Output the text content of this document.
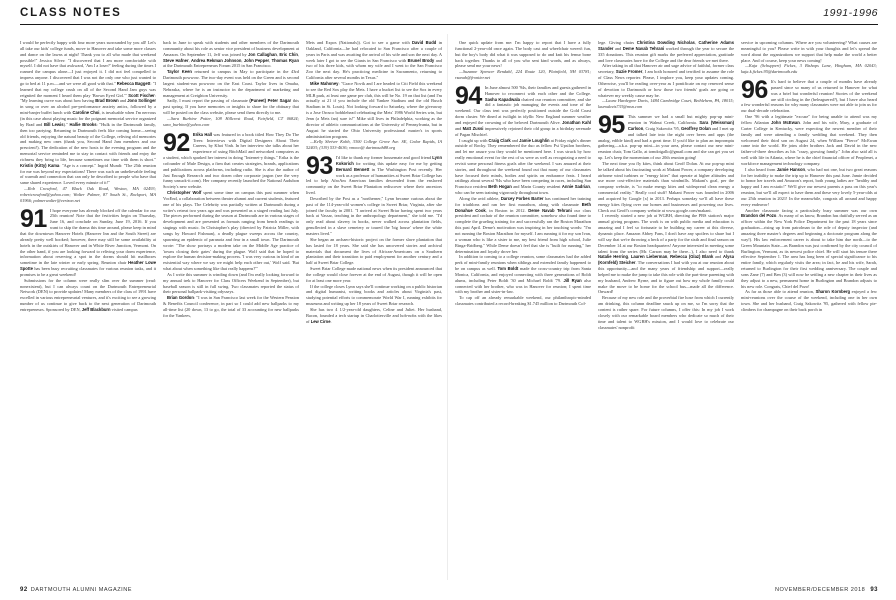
CLASS NOTES	1991-1996

I would be perfectly happy with four more years surrounded by you all! Let's all take our kids' college funds, move to Hanover and take some more classes and dance on the lawns at night! Thank you to all who made that weekend possible!" Jessica Silver: "I discovered that I am more comfortable with myself. I did not have that awkward, 'Am I a loser?' feeling during the times I roamed the campus alone—I just enjoyed it. I did not feel compelled to impress anyone. I discovered that I was not the only one who just wanted to go to bed at 11 p.m.—and we were all good with that." Rebecca Baggett: "I learned that my college crush on all of the Second Hand Jam guys was reignited the moment I heard them play 'Brown Eyed Girl.'" Scott Fischer: "My learning curve was about how having Brad Brown and Jono Sollinger in song or over an alcohol pre-performance anxiety antics, followed by a mini-banjer buffet lunch with Caroline Choi, is invaluable when I'm nervous (in this case about playing music for the poignant memorial service organized by Brad and Bill Lewis)." Hallie Brooks: "Hulk in the Dartmouth family, then too partying. Returning to Dartmouth feels like coming home—seeing old friends, enjoying the natural beauty of the College, reliving old memories and making new ones (thank you, Second Hand Jam members and our prescient!). The dedication of the new hosts to the evening program and the memorial service reminded me to stay in contact with friends and enjoy the richness they bring to life, because sometimes our time with them is short." Kristin (Kitty) Kama: "Age is a concept." Ingrid Mundt: "The 25th reunion for me was beyond my expectations! There was such an unbelievable feeling of warmth and connection that can only be described to people who have that same shared experience. Loved every minute of it!"

—Rob Crawford, 47 Black Oak Road, Weston, MA 02493; robertcrawford@yahoo.com; Walter Palmer, 87 South St., Rockport, MA 01966; palmerwalter@verizon.net

91 I hope everyone has already blocked off the calendar for our 25th reunion! Note that the festivities begin on Thursday, June 16, and conclude on Sunday, June 19, 2016. If you want to skip the drama this time around, please keep in mind that the downtown Hanover Hotels (Hanover Inn and the South Street) are already pretty well booked; however, there may still be some availability at hotels in the outskirts of Hanover and in White River Junction, Vermont. On the other hand, if you are looking forward to reliving your dorm experience, information about reserving a spot in the dorms should hit mailboxes sometime in the late winter or early spring. Reunion chair Heather Lowe Spotte has been busy recruiting classmates for various reunion tasks, and it promises to be a great weekend!

Submissions for the column were really slim over the summer (read: nonexistent), but I can always count on the Dartmouth Entrepreneurial Network (DEN) to provide updates! Many members of the class of 1991 have excelled in various entrepreneurial ventures, and it's exciting to see a growing number of us continue to give back to the next generation of Dartmouth entrepreneurs. Sponsored by DEN, Jeff Blackburn visited campus

back in June to speak with students and other members of the Dartmouth community about his role as senior vice president of business development at Amazon. On September 11, Jeff was joined by Jon Callaghan, Eric Chin, Steve Hafner, Andrea Rekman Johnson, John Pepper, Thomas Ryan at the Dartmouth Entrepreneurs Forum 2015 in San Francisco.

Taylor Keen returned to campus in May to participate in the 43rd Dartmouth powwow. The two-day event was held on the Green and is second largest student-run powwow on the East Coast. Taylor lives in Omaha, Nebraska, where he is an instructor in the department of marketing and management at Creighton University.

Sadly, I must report the passing of classmate (Puneet) Peter Sagar this past spring. If you have memories or insights to share for the obituary that will be posted on the class website, please send them directly to me.

—Sara Burbine Potter, 108 Hillcrest Road, Fairfield, CT 06824; sara_burbine@yahoo.com

92 Erika Hall was featured in a book titled How They Do The Trees: Interviews with Digital Designers About Their Careers, by Khoi Vinh. In her interview she talks about her experience of using BitchMail and networked computers as a student, which sparked her interest in doing "Internet-y things." Erika is the cofounder of Mule Design, a firm that creates strategies, brands, applications and publications across platforms, including radio. She is also the author of Just Enough Research and two dozen other corporate jargon (see the very funny unsuck-it.com). Her company recently launched the National Audubon Society's new website.

Christopher Wolf spent some time on campus this past summer when VocEnd, a collaboration between theater alumni and current students, featured one of his plays. The Celebrity was partially written at Dartmouth during a writer's retreat two years ago and was presented as a staged reading last July. The pieces performed during the season at Dartmouth are in various stages of development and are presented as formats ranging from bench readings to stagings with music. In Christopher's play (directed by Patricia Miller, with songs by Howard Fishman), a deadly plague sweeps across the country, spawning an epidemic of paranoia and fear in a small town. The Dartmouth wrote: "The show portrays a modern take on the Middle Age practice of 'towns closing their gates' during the plague. Wolf said that he hoped to explore the human decision-making process. 'I was very curious in kind of an existential way where we say we might help each other out,' Wolf said. 'But what about when something like that really happens?'"

As I write this summer is winding down (and I'm really looking forward to my annual trek to Hanover for Class Officers Weekend in September), but baseball season is still in full swing. Two classmates reported the status of their personal ballpark-visiting odysseys.

Brian Gordon: "I was in San Francisco last week for the Western Pension & Benefits Council conference, in part so I could add new ballparks to my all-time list (20 down, 13 to go, the total of 33 accounting for new ballparks for the Yankees,

Mets and Expos (Nationals)). Got to see a game with David Budd in Oakland, California—he had relocated to San Francisco after a couple of years in Paris and was awaiting the arrival of his wife and son the next day. A week later I got to see the Giants in San Francisco with Brunel Brody and two of his three kids, with whom my wife and I went to the San Francisco Zoo the next day. He's practicing medicine in Sacramento, returning to California after several months in Texas."

Mike Mahoney: "Grace Novik and I are headed to Citi Field this weekend to see the Red Sox play the Mets. I have a bucket list to see the Sox in every MLB park, at least one game per club, this will be No. 19 on that list (and I'm actually at 21 if you include the old Yankee Stadium and the old Busch Stadium in St. Louis). Not looking forward to Saturday, where the giveaway is a Jose Orosco bobblehead celebrating the Mets' 1986 World Series win, but Jenn (a Mets fan) sure is!" Mike still lives in Philadelphia, working as the director of athletic communications at the University of Pennsylvania, but in August he started the Ohio University professional master's in sports administration program.

—Kelly Shriver Kobb, 3300 College Grove Ave. SE, Cedar Rapids, IA 52403; (319) 533-4636; vmooo@ dartmouth88.org

93 I'd like to thank my former housemate and good friend Lynn Kokorich for writing this update easy for me by getting Bernard Bennett in The Washington Post recently. Her work as a professor of humanities at Sweet Briar College has led to help AfroAm American families descended from the enslaved community on the Sweet Briar Plantation rediscover where their ancestors lived.

Described by the Post as a "northerner," Lynn became curious about the past of the 114-year-old women's college in Sweet Briar, Virginia, after she joined the faculty in 2001. "I arrived at Sweet Briar having spent two years back at Vassar, teaching in the anthropology department," she told me. "I'd only read about slavery in books, never walked across plantation fields, genuflected in a slave cemetery or toured the 'big house' where the white masters lived."

She began an archaeo-historic project on the former slave plantation that has lasted for 18 years. She said she has uncovered stories and archival materials that document the lives of African-Americans on a Southern plantation and their transition to paid employment for another century and a half at Sweet Briar College.

Sweet Briar College made national news when its president announced that the college would close forever at the end of August, though it will be open for at least one more year.

If the college closes Lynn says she'll continue working on a public historian and digital humanist, writing books and articles about Virginia's past, studying potential efforts to commemorate World War I, running exhibits for museums and writing up her 18 years of Sweet Briar research.

She has two 4 1/2-year-old daughters, Celine and Juliet. Her husband, Bacon, founded a tech startup in Charlottesville and hob-nobs with the likes of Lew Cirne.

One quick update from me: I'm happy to report that I have a fully functional 2-year-old once again. The body cast and wheelchair weren't fun, but the boy's body did what it was supposed to do and knit his femur bone back together. Thanks to all of you who sent kind words, and as always, please send me your news!

—Suzanne Spencer Rendahl, 224 Route 120, Plainfield, NH 03781; rzanah@frontier.net

94 In June almost 500 '94s, their families and guests gathered in Hanover to reconnect with each other and the College. Sasha Kapadwala chaired our reunion committee, and she did a fantastic job managing the events and tone of the weekend. Our class tent was perfectly positioned outside the Gold Coast dorm cluster. We dined at twilight in idyllic New England summer weather and enjoyed the crowning of the beloved Dartmouth Alive. Jonathan Kahl and Matt Zussi impressively rejoined their old group in a birthday serenade of Pagan Mischief.

I caught up with Craig Clark and Jamie Loughlin at Friday night's dinner outside of Rocky. They remembered the duo as fellow Psi Upsilon brothers, and let me assure you they would be mentioned here. I was struck by how really emotional event for the rest of us were as well as recognizing a need to revisit some personal fitness goals after the weekend. I was amazed at their stories, and throughout the weekend found out that many of our classmates have focused their minds, bodies and spirits on endurance feats. I heard rattlings about several '94s who have been competing in races, including San Francisco resident Beth Hogan and Marin County resident Annie Sadrian, who can be seen training vigorously throughout town.

Along the avid athlete, Darcey Forbes Barter has continued her training for triathlons and ran her first marathon, along with classmate Beth Donahue Cook, in Boston in 2012. Deme Navab Tehrani our class president and cochair of the reunion committee, somehow also found time to complete the grueling training for and successfully ran the Boston Marathon this past April. Deme's motivation was inspiring in her touching words: "I'm not running the Boston Marathon for myself. I am running it for my son Ivan, a woman who is like a sister to me, my best friend from high school, Julie Ringa-Bridberg." While Deme doesn't feel that she is "built for running," her determination and loyalty drove her.

In addition to coming to a college reunion, some classmates had the added perk of mini-family reunions when siblings and extended family happened to be on campus as well. Tom Boldt made the cross-country trip from Santa Monica, California, and enjoyed connecting with three generations of Boldt alums, including Peter Boldt '30 and Michael Boldt '79. Jill Ryan also connected with her brother, who was in Hanover for reunion; I spent time with my brother and sister-in-law.

To cap off an already remarkable weekend, our philanthropic-minded classmates contributed a record-breaking $1.745 million to Dartmouth Col-

lege. Giving chairs Christina Dowding Nicholas, Catherine Adams Stander and Deme Navab Tehrani worked through the year to secure the 335 donations. This reunion gift marks the preferred appreciation, gratitude and love classmates have for the College and the dear friends we met there.

After taking in all that Hanover air and sage advice of faithful, former class secretary, Suzie Fromer, I am both honored and terrified to assume the role of Class News reporter. Please, I implore you, keep your updates coming. Otherwise, you'll be reading over-year as I pontificate on my renewed sense of devotion to Dartmouth or how those two friends' goals are going or whatever my weekly cause may be.

—Laura Hardegree Davis, 1484 Cambridge Court, Bethlehem, PA, 18015; laurodavis733@msn.com

95 This summer we had a small but mighty pop-up mini-reunion in Walnut Creek, California. Sara (Weissman) Carlson, Craig Sakowitz '95, Geoffrey Dolan and I met up and talked late into the night over beers and apps (the analog, edible kind) and had a great time. If you'd like to plan an impromptu gathering—a.k.a. pop-up mini—in your area, please contact our new mini-reunion chair, Tom Gallo, at tomdotgallo@gmail.com and she can get you set up. Let's keep the momentum of our 20th reunion going!

The next time you fly kites, think about Geoff Dolan. At our pop-up mini he talked about his fascinating work at Makani Power, a company developing airborne wind turbines or "energy kites" that operate at higher altitudes and use more cost-effective materials than windmills. Makani's goal, per the company website, is "to make energy kites and widespread clean energy a commercial reality." Really cool stuff! Makani Power was founded in 2006 and acquired by Google [x] in 2013. Perhaps someday we'll all have these energy kites flying over our homes and businesses and powering our lives. Check out Geoff's company website at www.google.com/makani.

I recently started a new job at WGBH, directing the PBS station's major annual giving program. The work is on with public media and education is amazing and I feel so fortunate to be building my career at this diverse, dynamic place. Amazon Abbey Fans, I don't have any spoilers to share but I will say that we're throwing a heck of a party for the sixth and final season on December 14 at our Boston headquarters! Anyone interested in meeting some talent from the series (Mr. Carson may be there...), I also need to thank Natalie Herring, Lauren Lieberman, Rebecca (Glaz) Blank and Alysa (Kornfeld) Steicher. The conversations I had with you at our reunion about this opportunity—and the many years of friendship and support—really helped me to make the jump to take this role with the part-time parenting with my husband, Andrew Byrne, and to figure out how my whole family could make the move to be home for the school bus—made all the difference. Onward!

Because of my new role and the proverbial fire hose from which I currently am drinking, this column deadline snuck up on me, so I'm sorry that the content is rather spare. For future columns, I offer this: In my job I work closely with our remarkable board members who dedicate so much of their time and talent to WGBH's mission, and I would love to celebrate our classmates' nonprofit

service in upcoming columns. Where are you volunteering? What causes are meaningful to you? Please write in with your thoughts and let's spread the word about the organizations we support that help make the world a better place. And of course, keep your news coming!

—Kaja (Schuppert) Fickes, 3 Bishops Lane, Hingham, MA 02043; kaja.k.fickes.95@dartmouth.edu

96 It's hard to believe that a couple of months have already passed since so many of us returned to Hanover for what was a brief but wonderful reunion! Stories of the weekend are still circling in the (beleaguered?), but I have also heard a few wonderful reasons for why many classmates were not able to join us for our dual-decade celebration.

One '96 with a legitimate "excuse" for being unable to attend was my fellow Atlantan John McEwan. John and his wife, Mary, a graduate of Carter College in Kentucky, were expecting the newest member of their family and were attending a family wedding that weekend. They then welcomed their third son on August 24, when William "Fierce" McEwan came into the world. He joins older brothers Jack and David in the new father-of-three describes as his "crazy, growing family." John also said all is well with life in Atlanta, where he is the chief financial officer of Peoplenet, a workforce management technology company.

I also heard from Jamie Hanson, who had not one, but two great reasons for her inability to make the trip up to Hanover this past June. Jamie decided to honor her travels and Amazon's report, both young ladies are "healthy and happy and I am ecstatic!" We'll give our newest parents a pass on this year's reunion, but we'll all expect to have them and these very lovely 5-year-olds at our 25th reunion in 2021! In the meanwhile, congrats all around and happy every endeavor!

Another classmate facing a particularly busy summer was our own Brandon del Pozo. As many of us know, Brandon has dutifully served as an officer within the New York Police Department for the past 18 years since graduation—rising up from patrolman to the role of deputy inspector (and amazing three master's degrees and beginning a doctorate program along the way!). His law enforcement career is about to take him due north—to the Green Mountain State—as Brandon was just confirmed by the city council of Burlington, Vermont, as its newest police chief. He will start his tenure there effective September 1. The area has long been of special significance to his entire family, which regularly visits the area; in fact, he and his wife, Sarah, returned to Burlington for their first wedding anniversary. The couple and sons Zane (7) and Ben (3) will now be settling a new chapter in their lives as they adjust to a new, permanent home in Burlington and Brandon adjusts to his new role. Congrats, Chief del Pozo!

As far as those able to attend reunion, Sharon Kornberg enjoyed a few mini-reunions over the course of the weekend, including one in her own town. She and her husband, Craig Sakowitz '95, gathered with fellow pie-climbers for champagne on their back porch in

92 DARTMOUTH ALUMNI MAGAZINE	NOVEMBER/DECEMBER 2018 93
